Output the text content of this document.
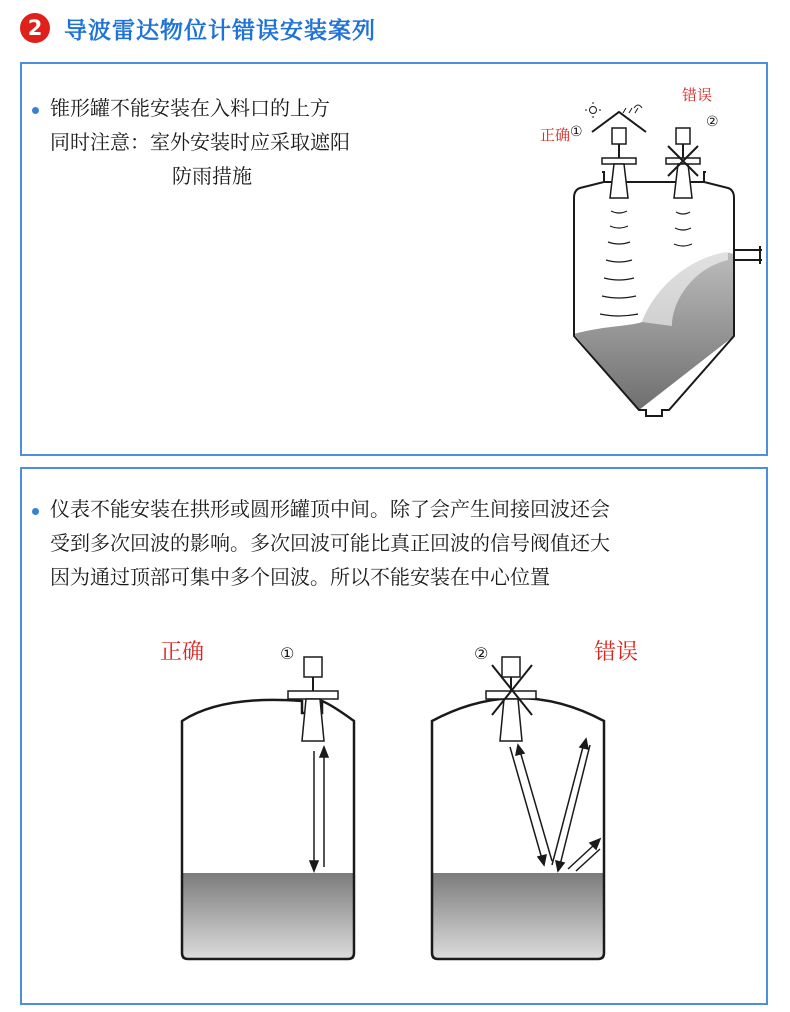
2 导波雷达物位计错误安装案列
锥形罐不能安装在入料口的上方
同时注意：室外安装时应采取遮阳
防雨措施
正确 ①
错误
②
仪表不能安装在拱形或圆形罐顶中间。除了会产生间接回波还会
受到多次回波的影响。多次回波可能比真正回波的信号阀值还大
因为通过顶部可集中多个回波。所以不能安装在中心位置
正确	①	②	错误
